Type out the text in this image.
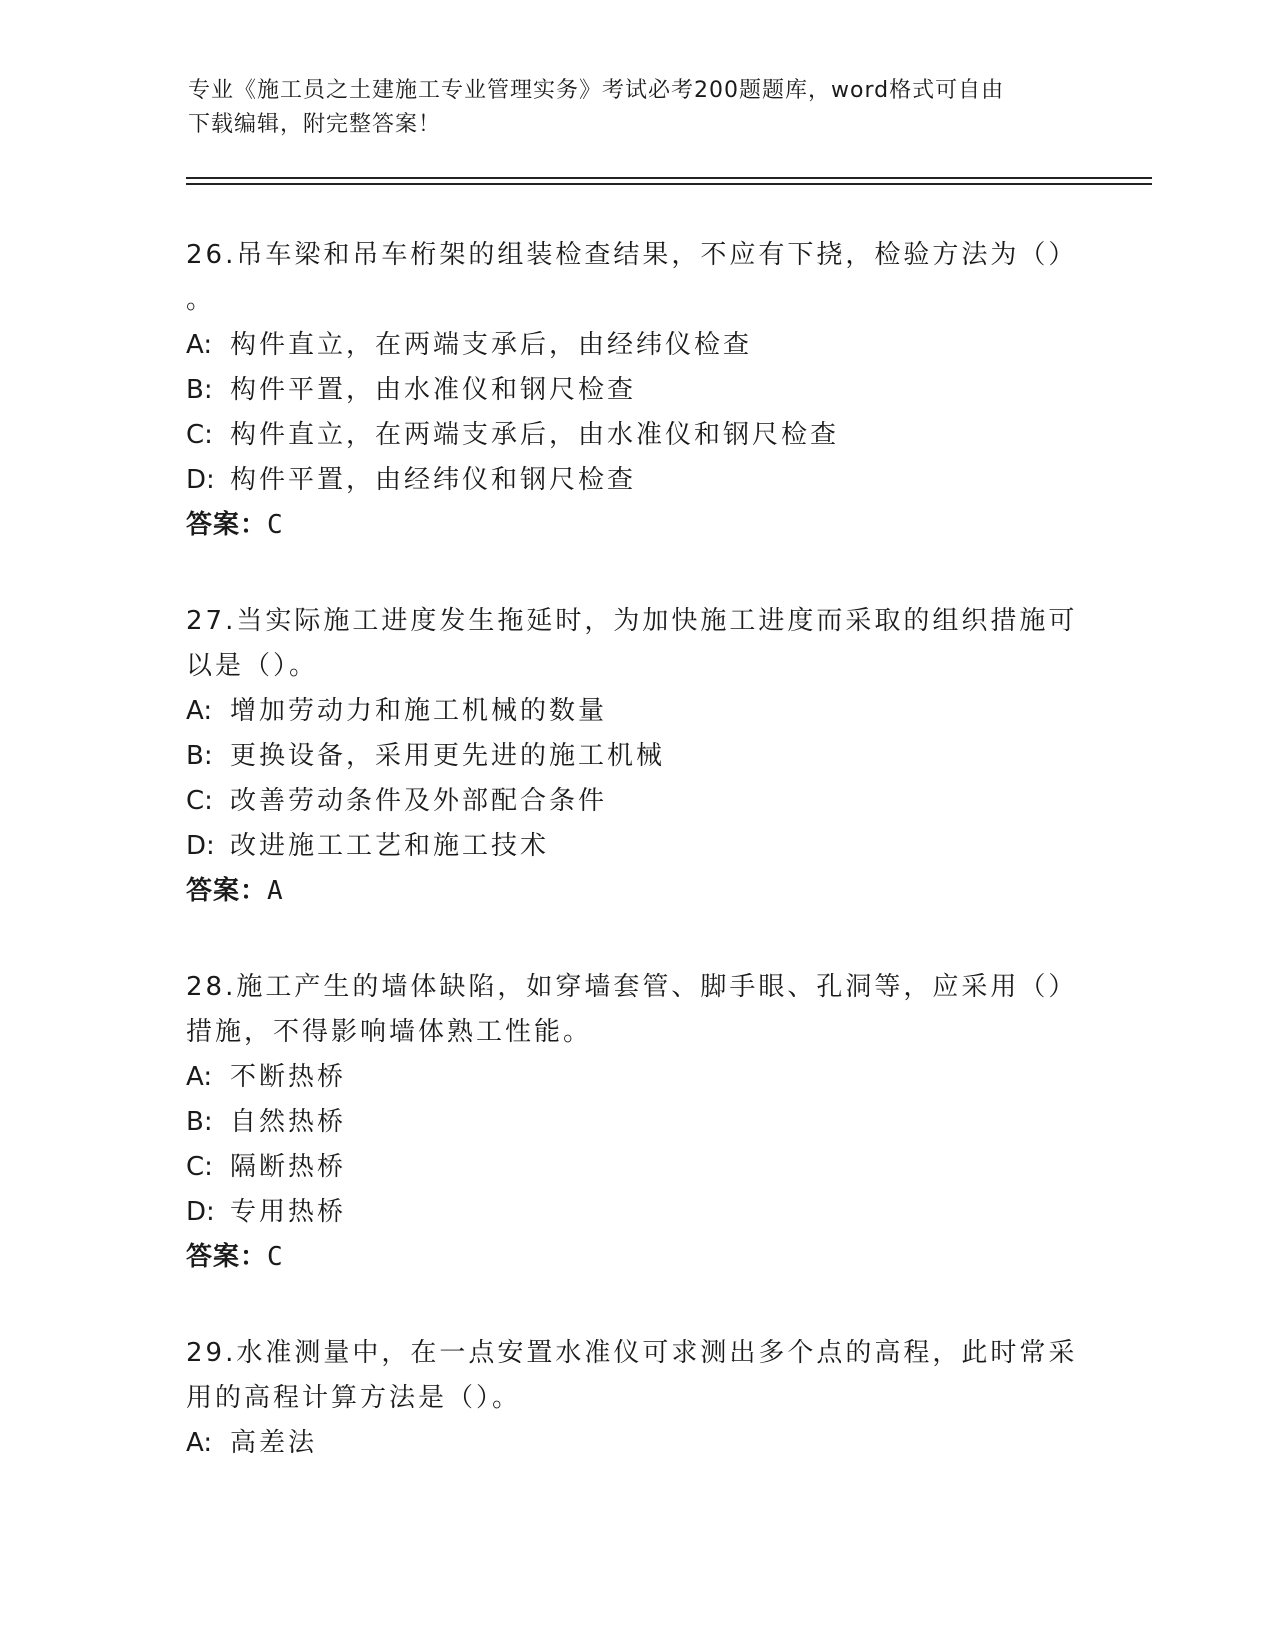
专业《施工员之土建施工专业管理实务》考试必考200题题库，word格式可自由
下载编辑，附完整答案！
26.吊车梁和吊车桁架的组装检查结果，不应有下挠，检验方法为（）
。
A: 构件直立，在两端支承后，由经纬仪检查
B: 构件平置，由水准仪和钢尺检查
C: 构件直立，在两端支承后，由水准仪和钢尺检查
D: 构件平置，由经纬仪和钢尺检查
答案：C
27.当实际施工进度发生拖延时，为加快施工进度而采取的组织措施可
以是（）。
A: 增加劳动力和施工机械的数量
B: 更换设备，采用更先进的施工机械
C: 改善劳动条件及外部配合条件
D: 改进施工工艺和施工技术
答案：A
28.施工产生的墙体缺陷，如穿墙套管、脚手眼、孔洞等，应采用（）
措施，不得影响墙体熟工性能。
A: 不断热桥
B: 自然热桥
C: 隔断热桥
D: 专用热桥
答案：C
29.水准测量中，在一点安置水准仪可求测出多个点的高程，此时常采
用的高程计算方法是（）。
A: 高差法
